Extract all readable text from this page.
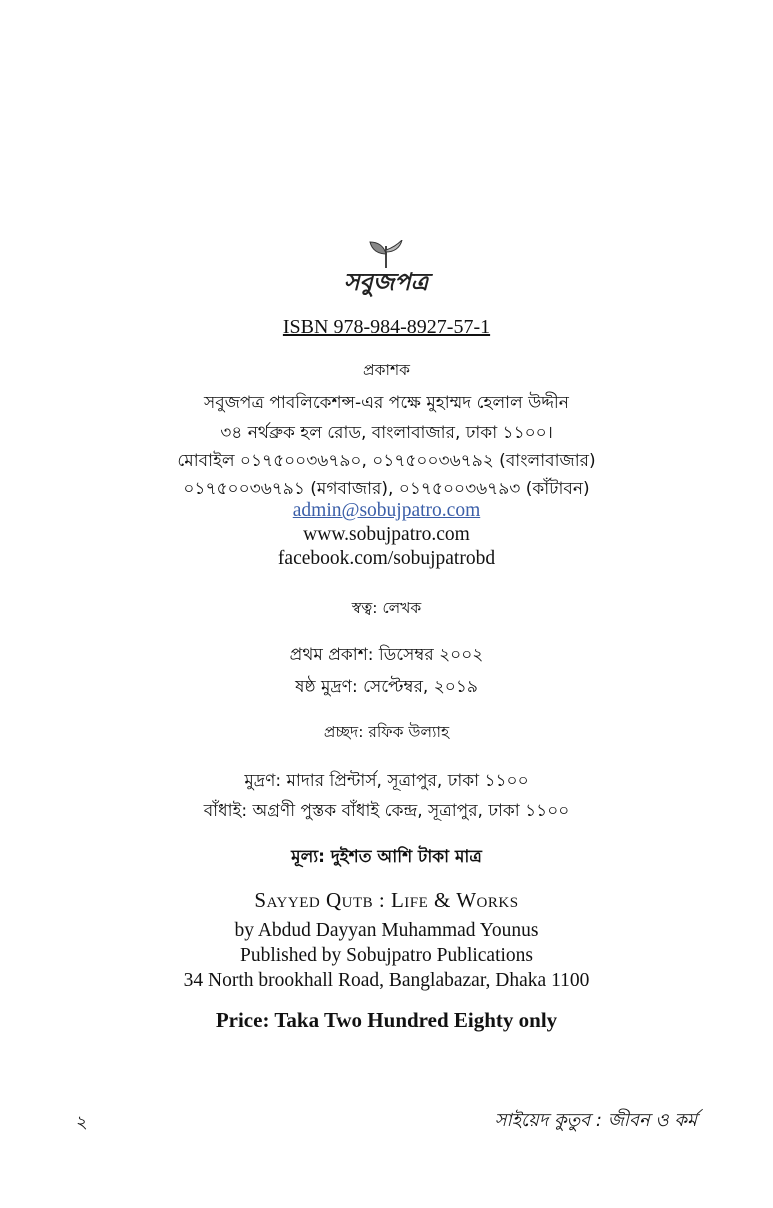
সবুজপত্র
ISBN 978-984-8927-57-1
প্রকাশক
সবুজপত্র পাবলিকেশন্স-এর পক্ষে মুহাম্মদ হেলাল উদ্দীন
৩৪ নর্থব্রুক হল রোড, বাংলাবাজার, ঢাকা ১১০০।
মোবাইল ০১৭৫০০৩৬৭৯০, ০১৭৫০০৩৬৭৯২ (বাংলাবাজার)
০১৭৫০০৩৬৭৯১ (মগবাজার), ০১৭৫০০৩৬৭৯৩ (কাঁটাবন)
admin@sobujpatro.com
www.sobujpatro.com
facebook.com/sobujpatrobd
স্বত্ব: লেখক
প্রথম প্রকাশ: ডিসেম্বর ২০০২
ষষ্ঠ মুদ্রণ: সেপ্টেম্বর, ২০১৯
প্রচ্ছদ: রফিক উল্যাহ
মুদ্রণ: মাদার প্রিন্টার্স, সূত্রাপুর, ঢাকা ১১০০
বাঁধাই: অগ্রণী পুস্তক বাঁধাই কেন্দ্র, সূত্রাপুর, ঢাকা ১১০০
মূল্য: দুইশত আশি টাকা মাত্র
Sayyed Qutb : Life & Works
by Abdud Dayyan Muhammad Younus
Published by Sobujpatro Publications
34 North brookhall Road, Banglabazar, Dhaka 1100
Price: Taka Two Hundred Eighty only
২	সাইয়েদ কুতুব : জীবন ও কর্ম
